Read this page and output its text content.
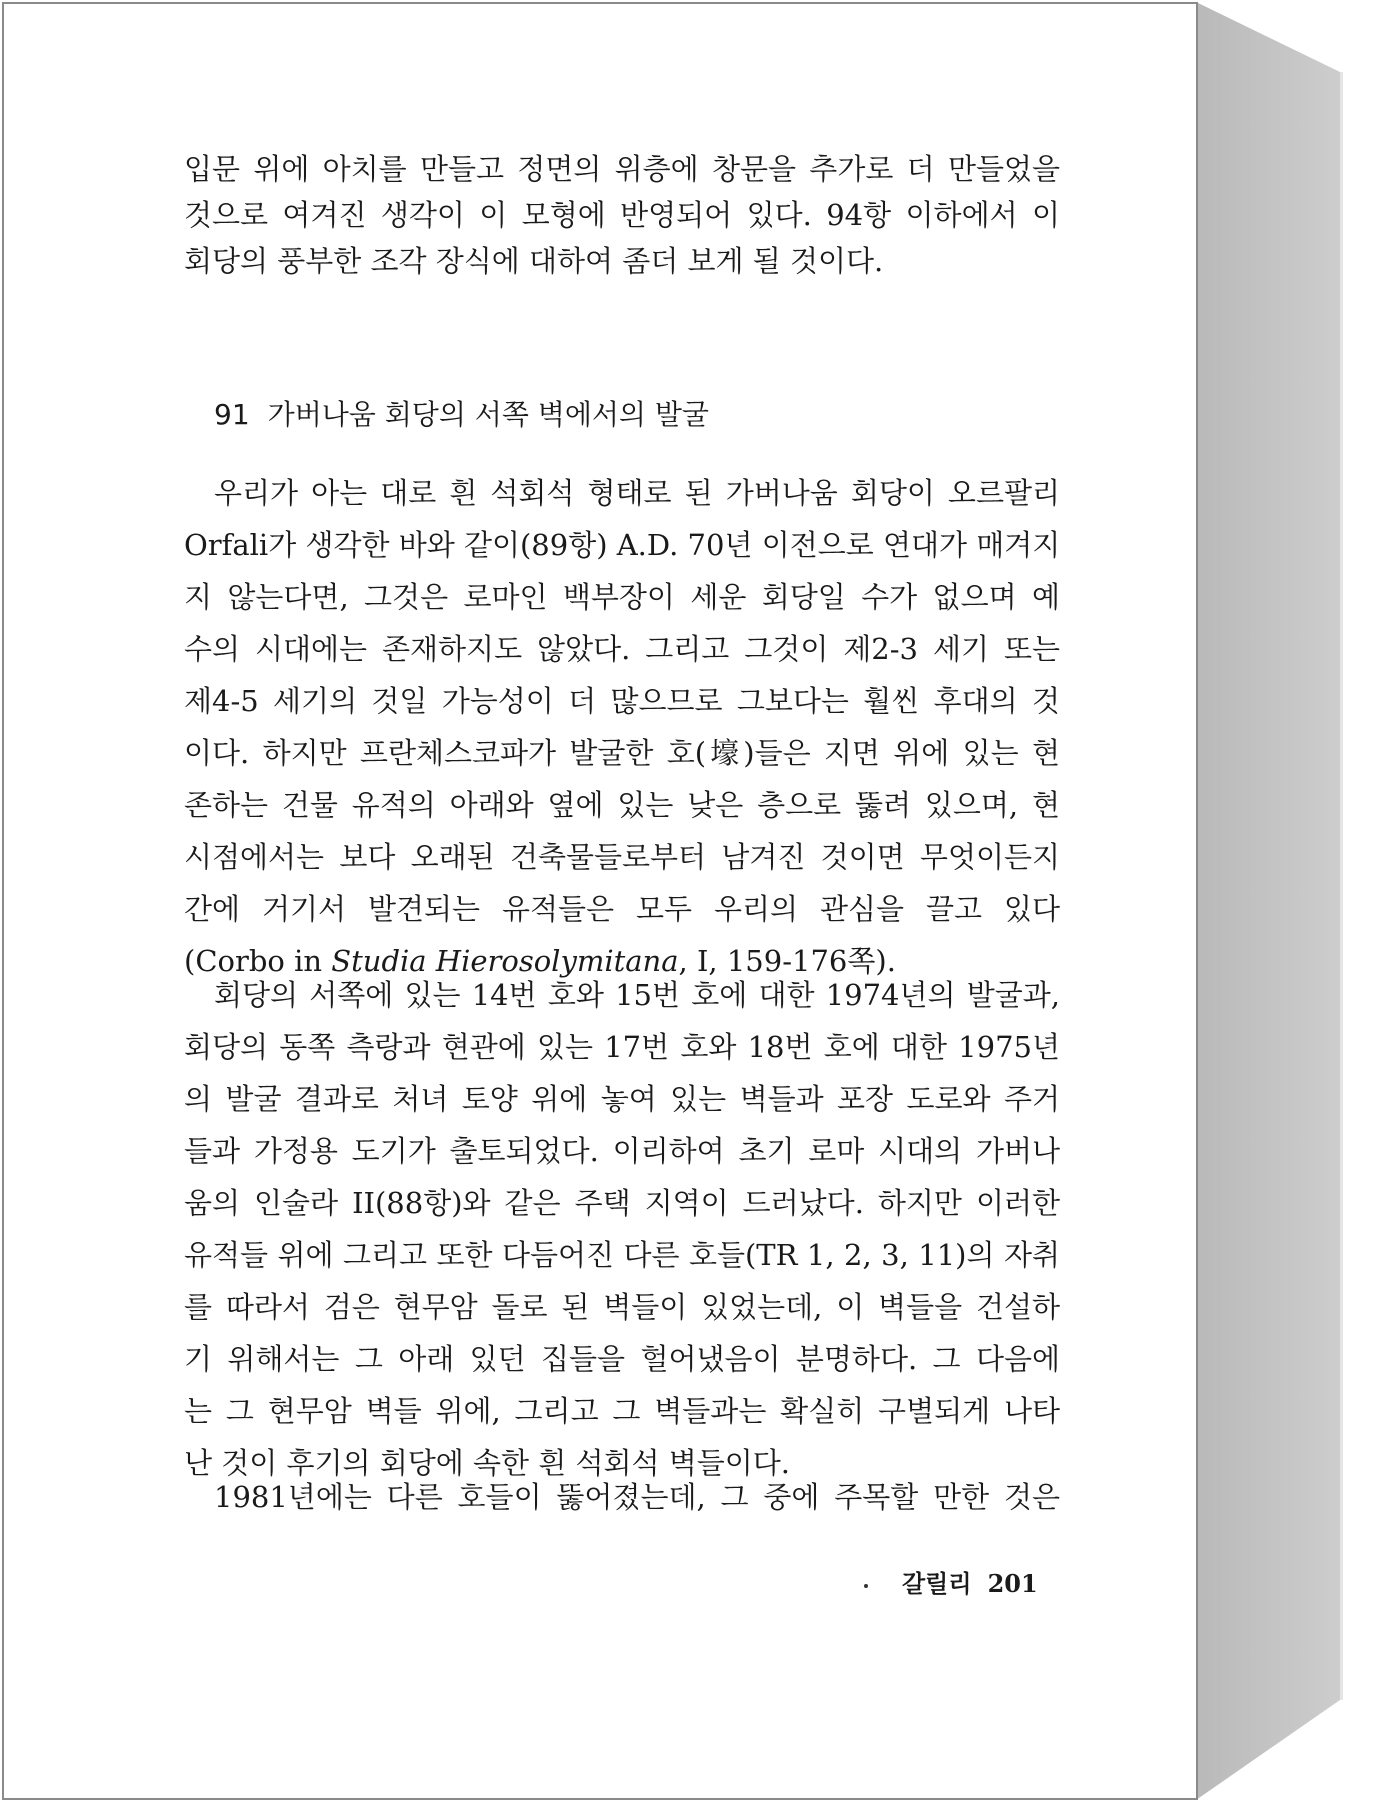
입문 위에 아치를 만들고 정면의 위층에 창문을 추가로 더 만들었을
것으로 여겨진 생각이 이 모형에 반영되어 있다. 94항 이하에서 이
회당의 풍부한 조각 장식에 대하여 좀더 보게 될 것이다.
91 가버나움 회당의 서쪽 벽에서의 발굴
우리가 아는 대로 흰 석회석 형태로 된 가버나움 회당이 오르팔리
Orfali가 생각한 바와 같이(89항) A.D. 70년 이전으로 연대가 매겨지
지 않는다면, 그것은 로마인 백부장이 세운 회당일 수가 없으며 예
수의 시대에는 존재하지도 않았다. 그리고 그것이 제2-3 세기 또는
제4-5 세기의 것일 가능성이 더 많으므로 그보다는 훨씬 후대의 것
이다. 하지만 프란체스코파가 발굴한 호(壕)들은 지면 위에 있는 현
존하는 건물 유적의 아래와 옆에 있는 낮은 층으로 뚫려 있으며, 현
시점에서는 보다 오래된 건축물들로부터 남겨진 것이면 무엇이든지
간에 거기서 발견되는 유적들은 모두 우리의 관심을 끌고 있다
(Corbo in Studia Hierosolymitana, I, 159-176쪽).
회당의 서쪽에 있는 14번 호와 15번 호에 대한 1974년의 발굴과,
회당의 동쪽 측랑과 현관에 있는 17번 호와 18번 호에 대한 1975년
의 발굴 결과로 처녀 토양 위에 놓여 있는 벽들과 포장 도로와 주거
들과 가정용 도기가 출토되었다. 이리하여 초기 로마 시대의 가버나
움의 인술라 II(88항)와 같은 주택 지역이 드러났다. 하지만 이러한
유적들 위에 그리고 또한 다듬어진 다른 호들(TR 1, 2, 3, 11)의 자취
를 따라서 검은 현무암 돌로 된 벽들이 있었는데, 이 벽들을 건설하
기 위해서는 그 아래 있던 집들을 헐어냈음이 분명하다. 그 다음에
는 그 현무암 벽들 위에, 그리고 그 벽들과는 확실히 구별되게 나타
난 것이 후기의 회당에 속한 흰 석회석 벽들이다.
1981년에는 다른 호들이 뚫어졌는데, 그 중에 주목할 만한 것은
갈릴리 201
